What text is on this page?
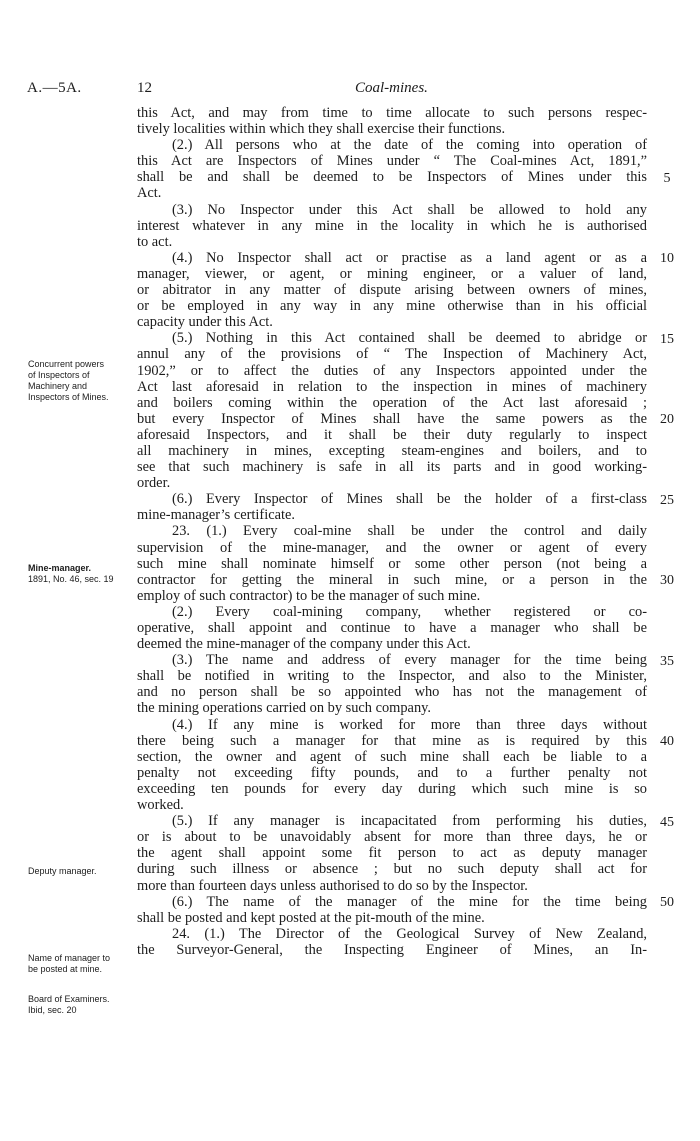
A.—5A.	12	Coal-mines.
this Act, and may from time to time allocate to such persons respec-
tively localities within which they shall exercise their functions.
(2.) All persons who at the date of the coming into operation of
this Act are Inspectors of Mines under “ The Coal-mines Act, 1891,”
shall be and shall be deemed to be Inspectors of Mines under this
Act.
(3.) No Inspector under this Act shall be allowed to hold any
interest whatever in any mine in the locality in which he is authorised
to act.
(4.) No Inspector shall act or practise as a land agent or as a
manager, viewer, or agent, or mining engineer, or a valuer of land,
or abitrator in any matter of dispute arising between owners of mines,
or be employed in any way in any mine otherwise than in his official
capacity under this Act.
(5.) Nothing in this Act contained shall be deemed to abridge or
annul any of the provisions of “ The Inspection of Machinery Act,
1902,” or to affect the duties of any Inspectors appointed under the
Act last aforesaid in relation to the inspection in mines of machinery
and boilers coming within the operation of the Act last aforesaid ;
but every Inspector of Mines shall have the same powers as the
aforesaid Inspectors, and it shall be their duty regularly to inspect
all machinery in mines, excepting steam-engines and boilers, and to
see that such machinery is safe in all its parts and in good working-
order.
(6.) Every Inspector of Mines shall be the holder of a first-class
mine-manager’s certificate.
23. (1.) Every coal-mine shall be under the control and daily
supervision of the mine-manager, and the owner or agent of every
such mine shall nominate himself or some other person (not being a
contractor for getting the mineral in such mine, or a person in the
employ of such contractor) to be the manager of such mine.
(2.) Every coal-mining company, whether registered or co-
operative, shall appoint and continue to have a manager who shall be
deemed the mine-manager of the company under this Act.
(3.) The name and address of every manager for the time being
shall be notified in writing to the Inspector, and also to the Minister,
and no person shall be so appointed who has not the management of
the mining operations carried on by such company.
(4.) If any mine is worked for more than three days without
there being such a manager for that mine as is required by this
section, the owner and agent of such mine shall each be liable to a
penalty not exceeding fifty pounds, and to a further penalty not
exceeding ten pounds for every day during which such mine is so
worked.
(5.) If any manager is incapacitated from performing his duties,
or is about to be unavoidably absent for more than three days, he or
the agent shall appoint some fit person to act as deputy manager
during such illness or absence ; but no such deputy shall act for
more than fourteen days unless authorised to do so by the Inspector.
(6.) The name of the manager of the mine for the time being
shall be posted and kept posted at the pit-mouth of the mine.
24. (1.) The Director of the Geological Survey of New Zealand,
the Surveyor-General, the Inspecting Engineer of Mines, an In-
5
10
15
20
25
30
35
40
45
50
Concurrent powers
of Inspectors of
Machinery and
Inspectors of Mines.
Mine-manager.
1891, No. 46, sec. 19
Deputy manager.
Name of manager to
be posted at mine.
Board of Examiners.
Ibid, sec. 20
